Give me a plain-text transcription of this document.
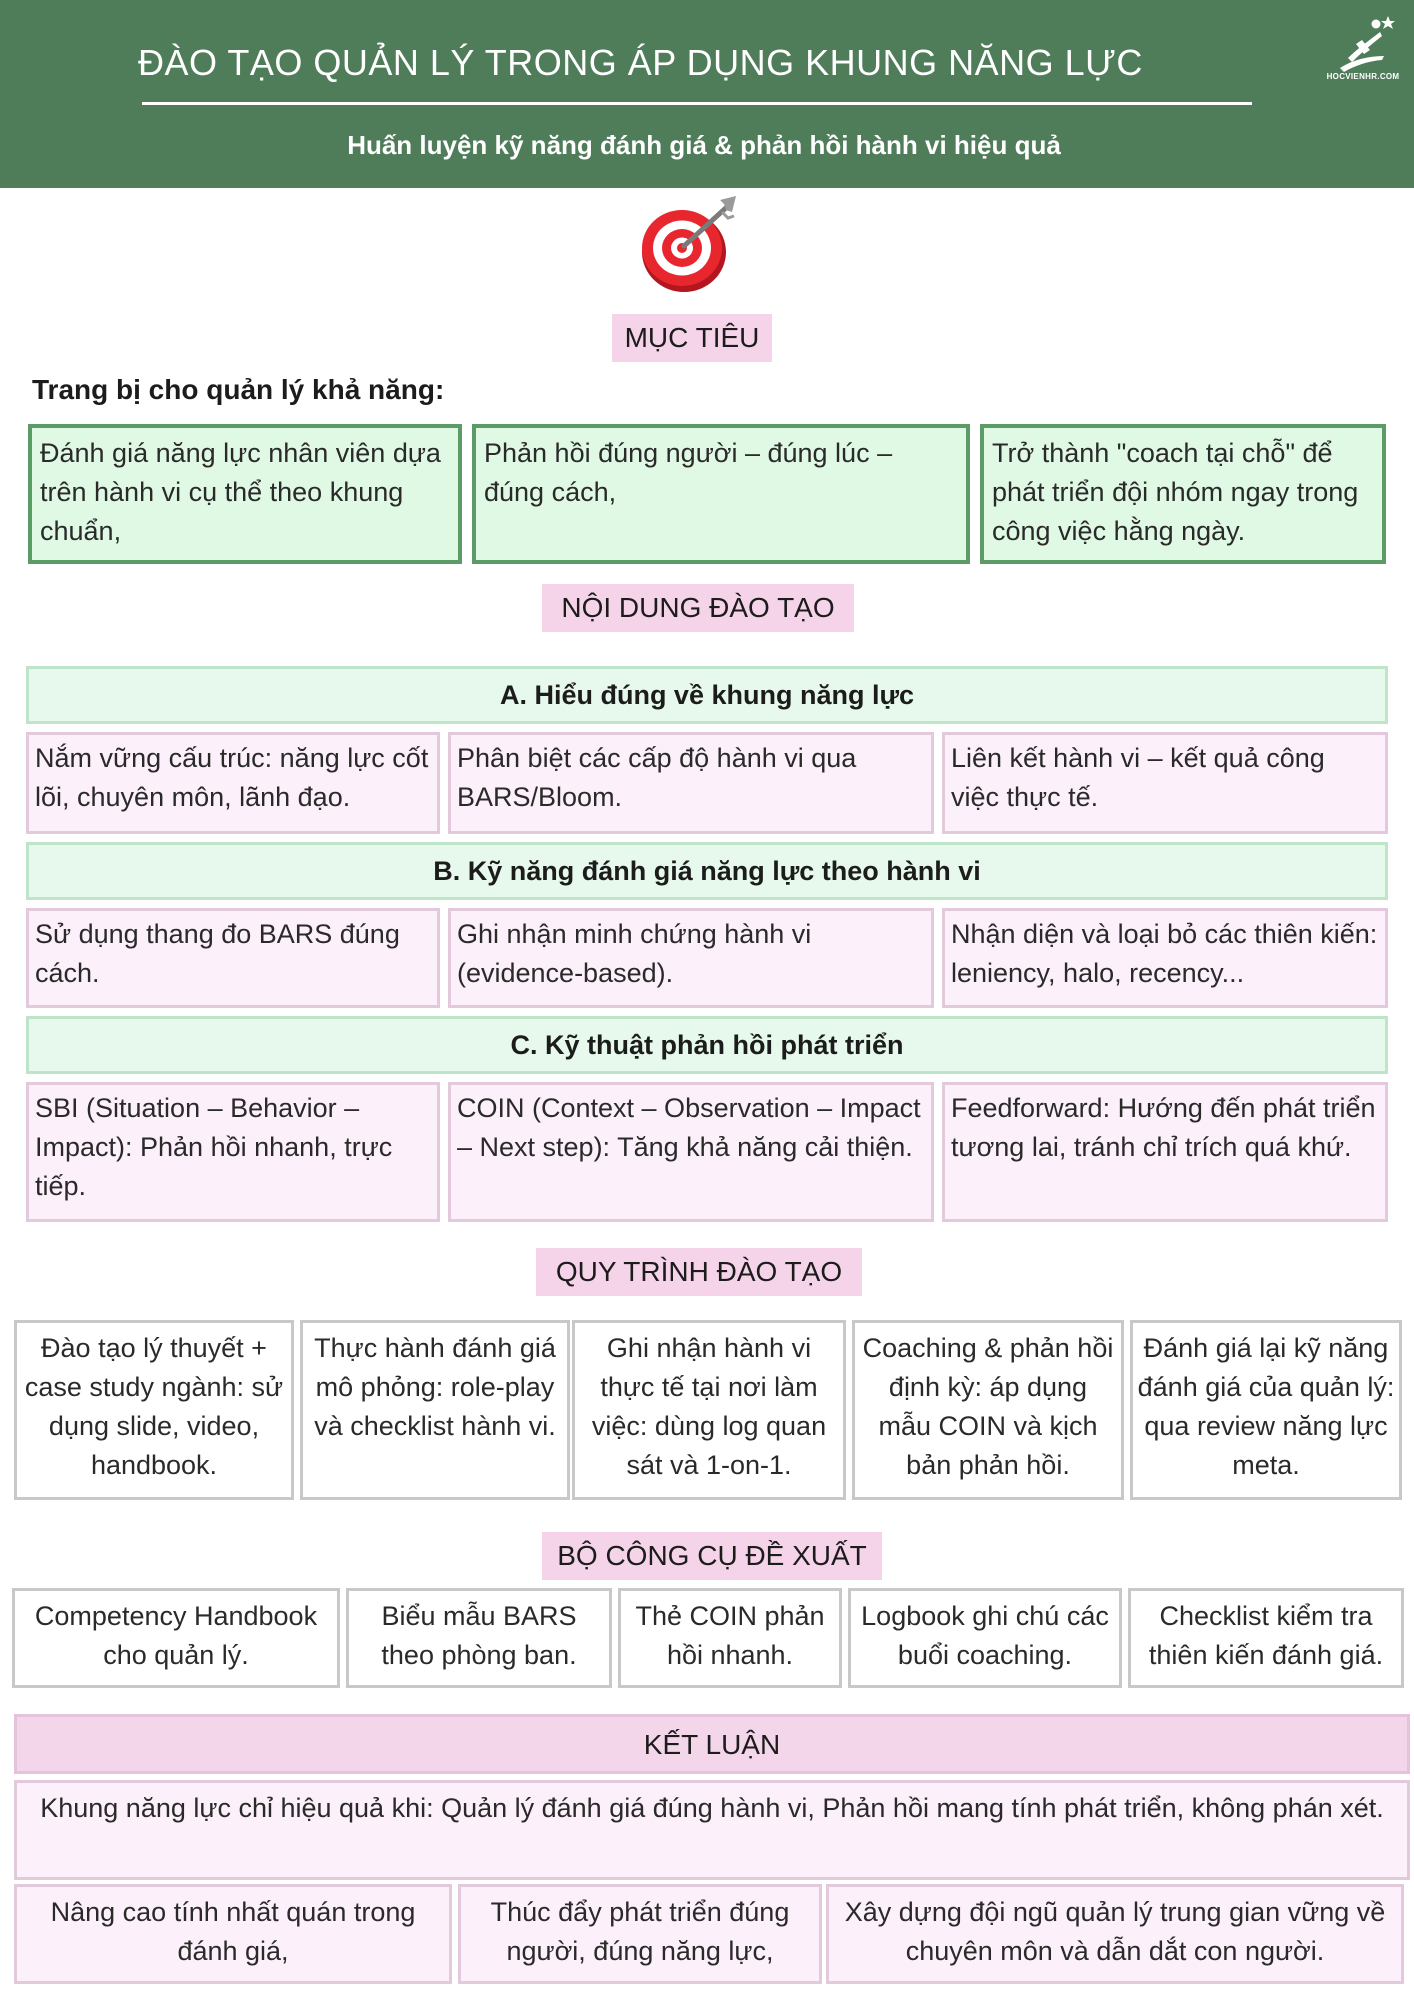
ĐÀO TẠO QUẢN LÝ TRONG ÁP DỤNG KHUNG NĂNG LỰC
Huấn luyện kỹ năng đánh giá & phản hồi hành vi hiệu quả
HOCVIENHR.COM
MỤC TIÊU
Trang bị cho quản lý khả năng:
Đánh giá năng lực nhân viên dựa trên hành vi cụ thể theo khung chuẩn,
Phản hồi đúng người – đúng lúc – đúng cách,
Trở thành "coach tại chỗ" để phát triển đội nhóm ngay trong công việc hằng ngày.
NỘI DUNG ĐÀO TẠO
A. Hiểu đúng về khung năng lực
Nắm vững cấu trúc: năng lực cốt lõi, chuyên môn, lãnh đạo.
Phân biệt các cấp độ hành vi qua BARS/Bloom.
Liên kết hành vi – kết quả công việc thực tế.
B. Kỹ năng đánh giá năng lực theo hành vi
Sử dụng thang đo BARS đúng cách.
Ghi nhận minh chứng hành vi (evidence-based).
Nhận diện và loại bỏ các thiên kiến: leniency, halo, recency...
C. Kỹ thuật phản hồi phát triển
SBI (Situation – Behavior – Impact): Phản hồi nhanh, trực tiếp.
COIN (Context – Observation – Impact – Next step): Tăng khả năng cải thiện.
Feedforward: Hướng đến phát triển tương lai, tránh chỉ trích quá khứ.
QUY TRÌNH ĐÀO TẠO
Đào tạo lý thuyết + case study ngành: sử dụng slide, video, handbook.
Thực hành đánh giá mô phỏng: role-play và checklist hành vi.
Ghi nhận hành vi thực tế tại nơi làm việc: dùng log quan sát và 1-on-1.
Coaching & phản hồi định kỳ: áp dụng mẫu COIN và kịch bản phản hồi.
Đánh giá lại kỹ năng đánh giá của quản lý: qua review năng lực meta.
BỘ CÔNG CỤ ĐỀ XUẤT
Competency Handbook cho quản lý.
Biểu mẫu BARS theo phòng ban.
Thẻ COIN phản hồi nhanh.
Logbook ghi chú các buổi coaching.
Checklist kiểm tra thiên kiến đánh giá.
KẾT LUẬN
Khung năng lực chỉ hiệu quả khi: Quản lý đánh giá đúng hành vi, Phản hồi mang tính phát triển, không phán xét.
Nâng cao tính nhất quán trong đánh giá,
Thúc đẩy phát triển đúng người, đúng năng lực,
Xây dựng đội ngũ quản lý trung gian vững về chuyên môn và dẫn dắt con người.
